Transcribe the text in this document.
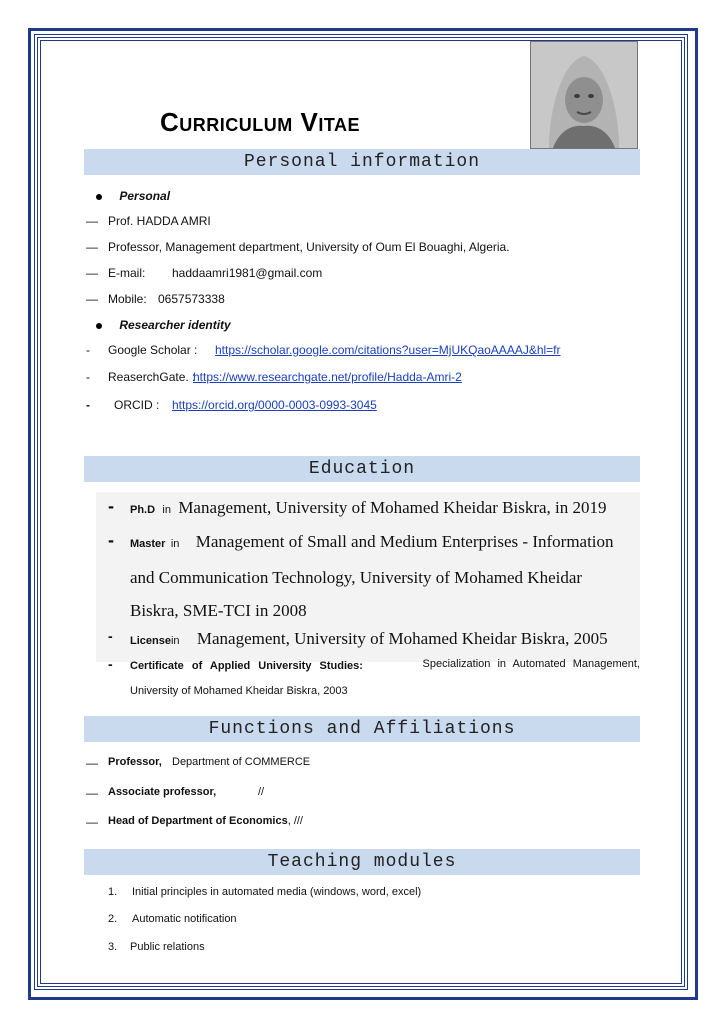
Curriculum Vitae
Personal information
Personal
— Prof. HADDA AMRI
— Professor, Management department, University of Oum El Bouaghi, Algeria.
— E-mail: haddaamri1981@gmail.com
— Mobile: 0657573338
Researcher identity
- Google Scholar : https://scholar.google.com/citations?user=MjUKQaoAAAAJ&hl=fr
- ReaserchGate. :
https://www.researchgate.net/profile/Hadda-Amri-2
- ORCID : https://orcid.org/0000-0003-0993-3045
Education
- Ph.D in Management, University of Mohamed Kheidar Biskra, in 2019
- Master in Management of Small and Medium Enterprises - Information
and Communication Technology, University of Mohamed Kheidar
Biskra, SME-TCI in 2008
- Licensein Management, University of Mohamed Kheidar Biskra, 2005
- Certificate of Applied University Studies:	Specialization in Automated Management,
University of Mohamed Kheidar Biskra, 2003
Functions and Affiliations
— Professor, Department of COMMERCE
— Associate professor,	//
— Head of Department of Economics, ///
Teaching modules
1. Initial principles in automated media (windows, word, excel)
2. Automatic notification
3. Public relations
